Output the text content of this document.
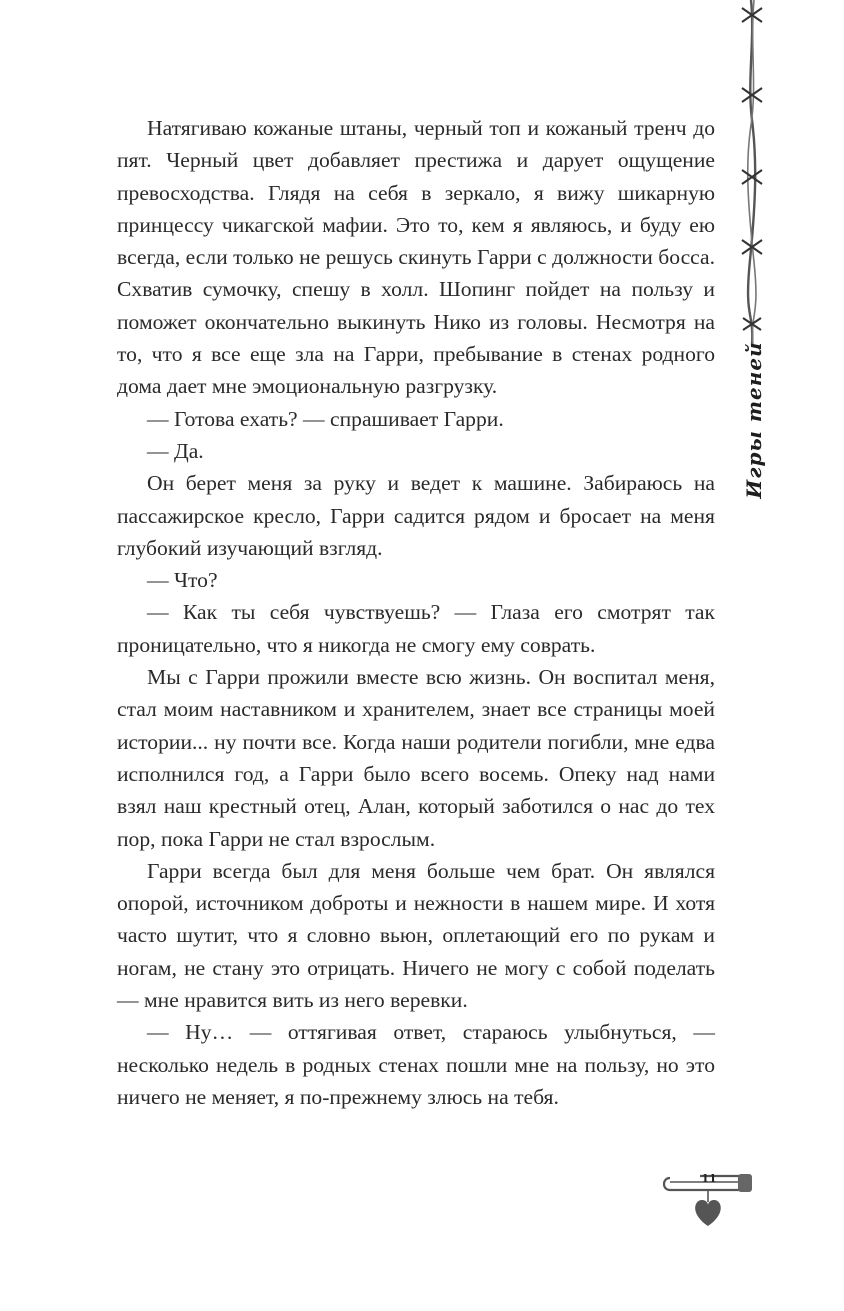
Игры теней

Натягиваю кожаные штаны, черный топ и кожаный тренч до пят. Черный цвет добавляет престижа и дарует ощущение превосходства. Глядя на себя в зеркало, я вижу шикарную принцессу чикагской мафии. Это то, кем я являюсь, и буду ею всегда, если только не решусь скинуть Гарри с должности босса. Схватив сумочку, спешу в холл. Шопинг пойдет на пользу и поможет окончательно выкинуть Нико из головы. Несмотря на то, что я все еще зла на Гарри, пребывание в стенах родного дома дает мне эмоциональную разгрузку.

— Готова ехать? — спрашивает Гарри.

— Да.

Он берет меня за руку и ведет к машине. Забираюсь на пассажирское кресло, Гарри садится рядом и бросает на меня глубокий изучающий взгляд.

— Что?

— Как ты себя чувствуешь? — Глаза его смотрят так проницательно, что я никогда не смогу ему соврать.

Мы с Гарри прожили вместе всю жизнь. Он воспитал меня, стал моим наставником и хранителем, знает все страницы моей истории... ну почти все. Когда наши родители погибли, мне едва исполнился год, а Гарри было всего восемь. Опеку над нами взял наш крестный отец, Алан, который заботился о нас до тех пор, пока Гарри не стал взрослым.

Гарри всегда был для меня больше чем брат. Он являлся опорой, источником доброты и нежности в нашем мире. И хотя часто шутит, что я словно вьюн, оплетающий его по рукам и ногам, не стану это отрицать. Ничего не могу с собой поделать — мне нравится вить из него веревки.

— Ну… — оттягивая ответ, стараюсь улыбнуться, — несколько недель в родных стенах пошли мне на пользу, но это ничего не меняет, я по-прежнему злюсь на тебя.

11
